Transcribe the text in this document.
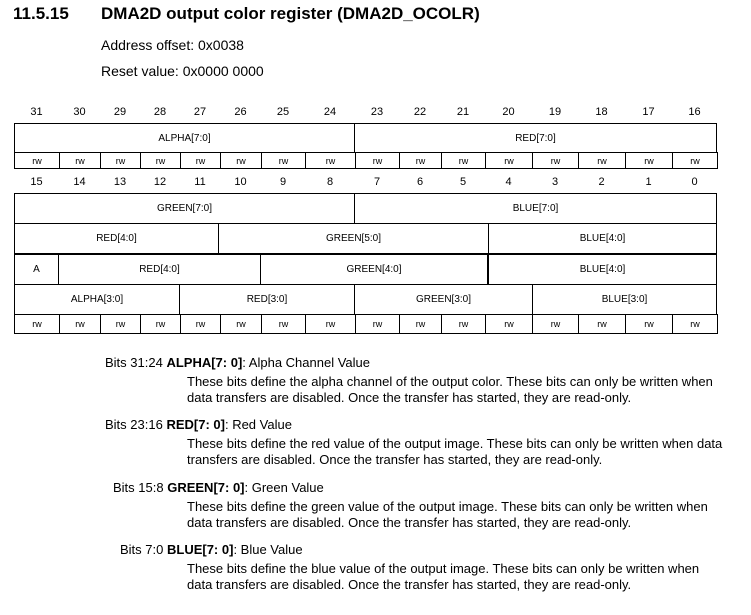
11.5.15 DMA2D output color register (DMA2D_OCOLR)
Address offset: 0x0038
Reset value: 0x0000 0000
31	30	29	28	27	26	25	24	23	22	21	20	19	18	17	16
ALPHA[7:0]	RED[7:0]
rw	rw	rw	rw	rw	rw	rw	rw	rw	rw	rw	rw	rw	rw	rw	rw
15	14	13	12	11	10	9	8	7	6	5	4	3	2	1	0
GREEN[7:0]	BLUE[7:0]
RED[4:0]	GREEN[5:0]	BLUE[4:0]
A	RED[4:0]	GREEN[4:0]	BLUE[4:0]
ALPHA[3:0]	RED[3:0]	GREEN[3:0]	BLUE[3:0]
rw	rw	rw	rw	rw	rw	rw	rw	rw	rw	rw	rw	rw	rw	rw	rw
Bits 31:24 ALPHA[7: 0]: Alpha Channel Value
These bits define the alpha channel of the output color. These bits can only be written when data transfers are disabled. Once the transfer has started, they are read-only.
Bits 23:16 RED[7: 0]: Red Value
These bits define the red value of the output image. These bits can only be written when data transfers are disabled. Once the transfer has started, they are read-only.
Bits 15:8 GREEN[7: 0]: Green Value
These bits define the green value of the output image. These bits can only be written when data transfers are disabled. Once the transfer has started, they are read-only.
Bits 7:0 BLUE[7: 0]: Blue Value
These bits define the blue value of the output image. These bits can only be written when data transfers are disabled. Once the transfer has started, they are read-only.
